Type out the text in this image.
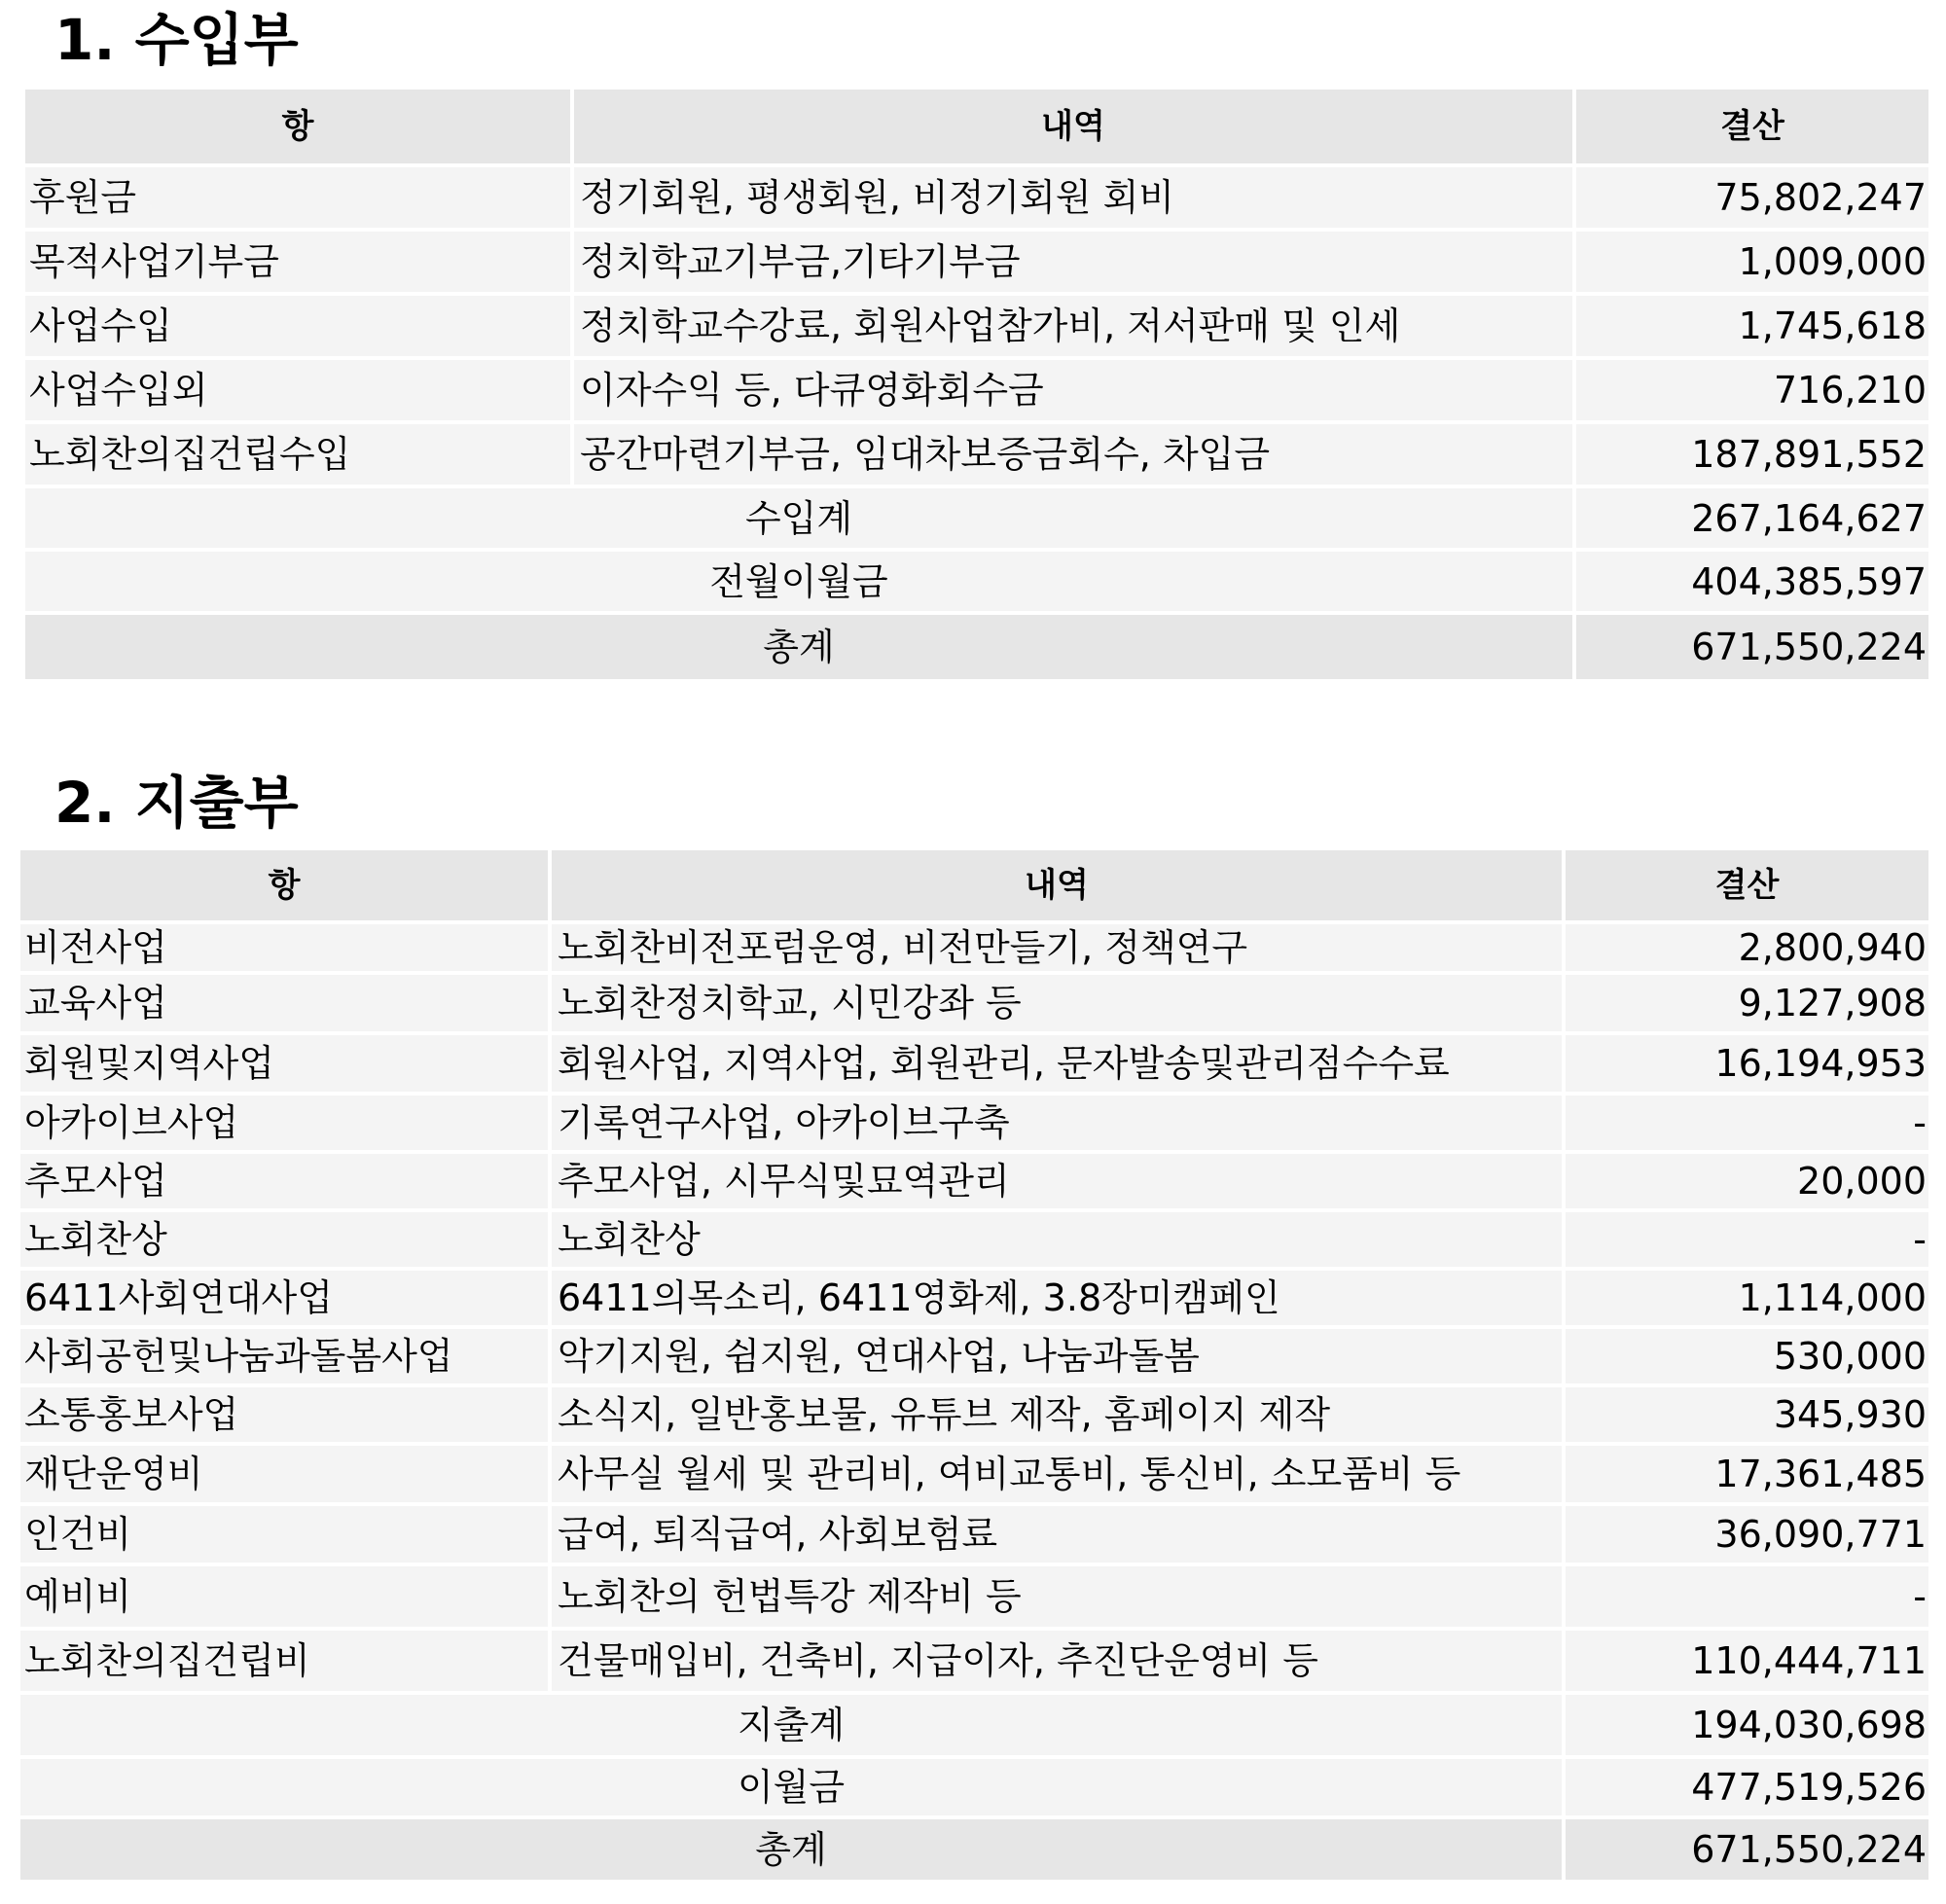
1. 수입부
항	내역	결산
후원금	정기회원, 평생회원, 비정기회원 회비	75,802,247
목적사업기부금	정치학교기부금,기타기부금	1,009,000
사업수입	정치학교수강료, 회원사업참가비, 저서판매 및 인세	1,745,618
사업수입외	이자수익 등, 다큐영화회수금	716,210
노회찬의집건립수입	공간마련기부금, 임대차보증금회수, 차입금	187,891,552
수입계	267,164,627
전월이월금	404,385,597
총계	671,550,224
2. 지출부
항	내역	결산
비전사업	노회찬비전포럼운영, 비전만들기, 정책연구	2,800,940
교육사업	노회찬정치학교, 시민강좌 등	9,127,908
회원및지역사업	회원사업, 지역사업, 회원관리, 문자발송및관리점수수료	16,194,953
아카이브사업	기록연구사업, 아카이브구축	-
추모사업	추모사업, 시무식및묘역관리	20,000
노회찬상	노회찬상	-
6411사회연대사업	6411의목소리, 6411영화제, 3.8장미캠페인	1,114,000
사회공헌및나눔과돌봄사업	악기지원, 쉼지원, 연대사업, 나눔과돌봄	530,000
소통홍보사업	소식지, 일반홍보물, 유튜브 제작, 홈페이지 제작	345,930
재단운영비	사무실 월세 및 관리비, 여비교통비, 통신비, 소모품비 등	17,361,485
인건비	급여, 퇴직급여, 사회보험료	36,090,771
예비비	노회찬의 헌법특강 제작비 등	-
노회찬의집건립비	건물매입비, 건축비, 지급이자, 추진단운영비 등	110,444,711
지출계	194,030,698
이월금	477,519,526
총계	671,550,224
